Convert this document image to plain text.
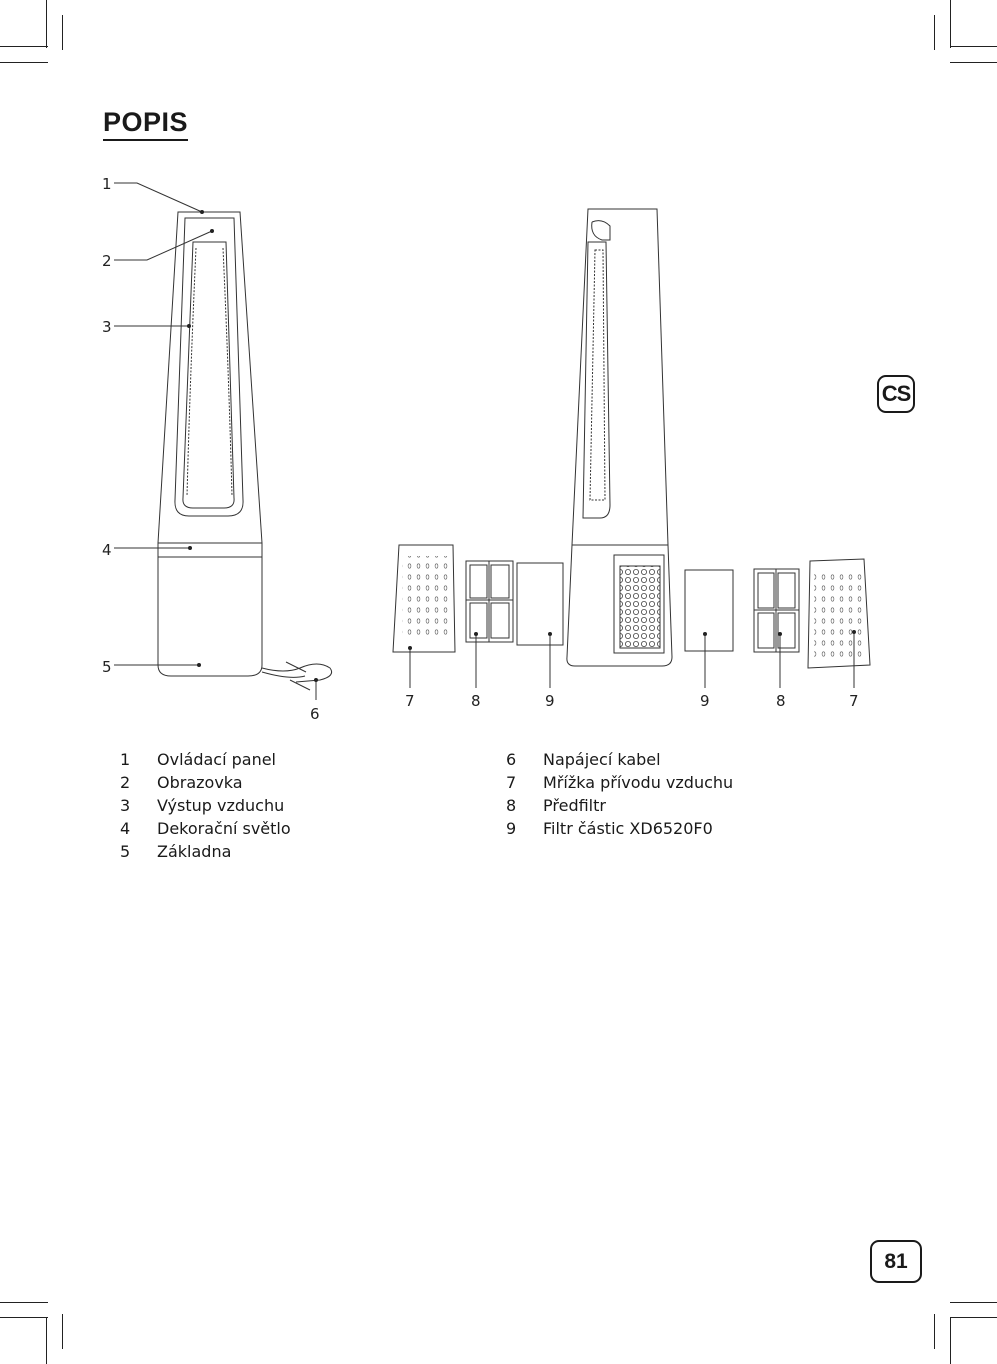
POPIS
CS
81
1
2
3
4
5
6
7	8	9	9	8	7
1 Ovládací panel
2 Obrazovka
3 Výstup vzduchu
4 Dekorační světlo
5 Základna
6 Napájecí kabel
7 Mřížka přívodu vzduchu
8 Předfiltr
9 Filtr částic XD6520F0
